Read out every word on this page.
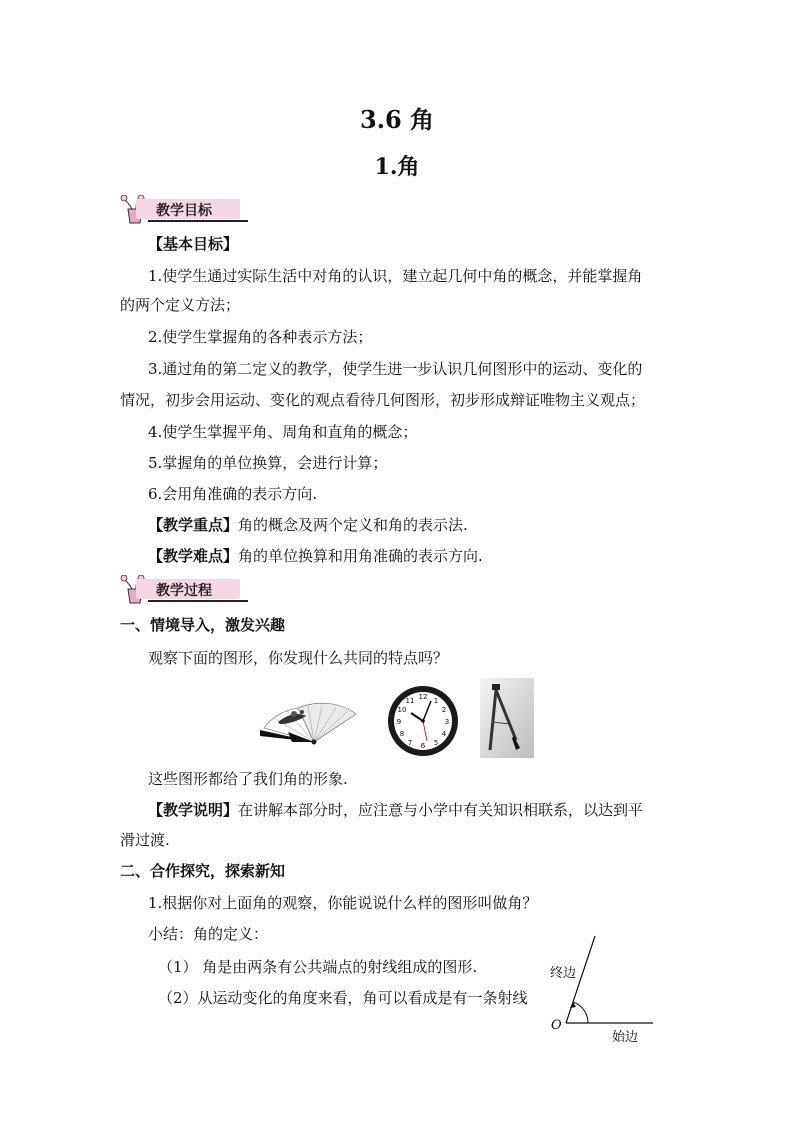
3.6 角
1.角
教学目标
【基本目标】
1.使学生通过实际生活中对角的认识，建立起几何中角的概念，并能掌握角
的两个定义方法；
2.使学生掌握角的各种表示方法；
3.通过角的第二定义的教学，使学生进一步认识几何图形中的运动、变化的
情况，初步会用运动、变化的观点看待几何图形，初步形成辩证唯物主义观点；
4.使学生掌握平角、周角和直角的概念；
5.掌握角的单位换算，会进行计算；
6.会用角准确的表示方向.
【教学重点】角的概念及两个定义和角的表示法.
【教学难点】角的单位换算和用角准确的表示方向.
教学过程
一、情境导入，激发兴趣
观察下面的图形，你发现什么共同的特点吗？
12 1
2
3
4
5
6
7
8
9
10
11
这些图形都给了我们角的形象.
【教学说明】在讲解本部分时，应注意与小学中有关知识相联系，以达到平
滑过渡.
二、合作探究，探索新知
1.根据你对上面角的观察，你能说说什么样的图形叫做角？
小结：角的定义：
（1） 角是由两条有公共端点的射线组成的图形.
（2）从运动变化的角度来看，角可以看成是有一条射线
终边
O
始边
